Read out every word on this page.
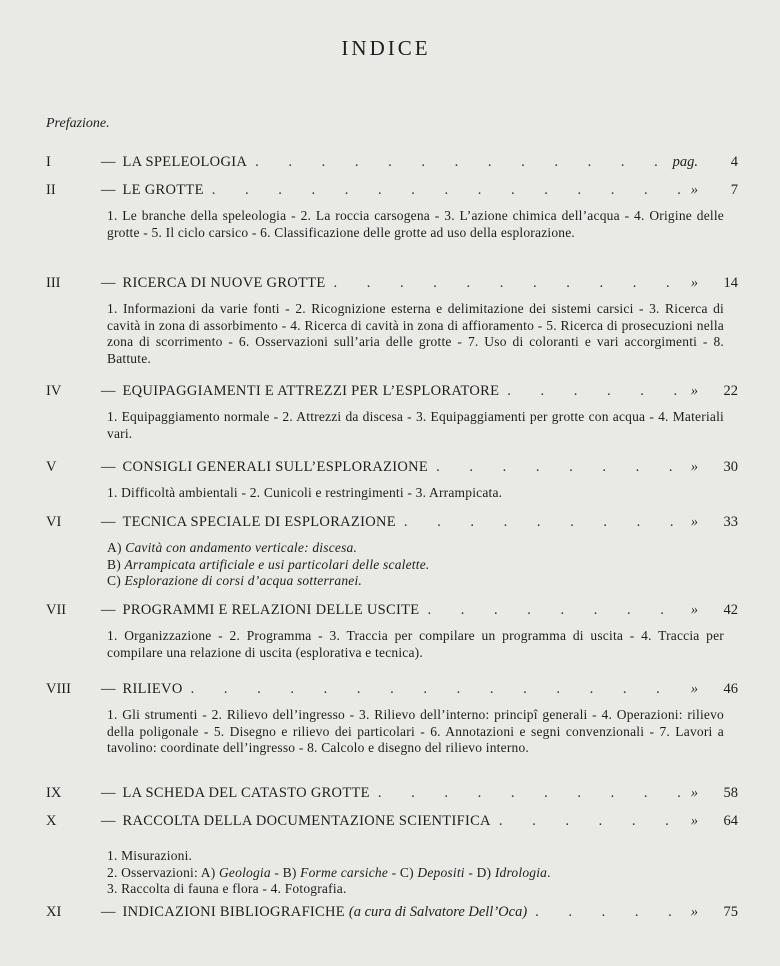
INDICE
Prefazione.
I	— LA SPELEOLOGIA . . .	pag.	4
II	— LE GROTTE . . .	»	7

1. Le branche della speleologia - 2. La roccia carsogena - 3. L’azione chimica dell’acqua - 4. Origine delle grotte - 5. Il ciclo carsico - 6. Classificazione delle grotte ad uso della esplorazione.

III	— RICERCA DI NUOVE GROTTE . . .	»	14

1. Informazioni da varie fonti - 2. Ricognizione esterna e delimitazione dei sistemi carsici - 3. Ricerca di cavità in zona di assorbimento - 4. Ricerca di cavità in zona di affioramento - 5. Ricerca di prosecuzioni nella zona di scorrimento - 6. Osservazioni sull’aria delle grotte - 7. Uso di coloranti e vari accorgimenti - 8. Battute.

IV	— EQUIPAGGIAMENTI E ATTREZZI PER L’ESPLORATORE . . .	»	22

1. Equipaggiamento normale - 2. Attrezzi da discesa - 3. Equipaggiamenti per grotte con acqua - 4. Materiali vari.

V	— CONSIGLI GENERALI SULL’ESPLORAZIONE . . .	»	30

1. Difficoltà ambientali - 2. Cunicoli e restringimenti - 3. Arrampicata.

VI	— TECNICA SPECIALE DI ESPLORAZIONE . . .	»	33

A) Cavità con andamento verticale: discesa.

B) Arrampicata artificiale e usi particolari delle scalette.

C) Esplorazione di corsi d’acqua sotterranei.

VII	— PROGRAMMI E RELAZIONI DELLE USCITE . . .	»	42

1. Organizzazione - 2. Programma - 3. Traccia per compilare un programma di uscita - 4. Traccia per compilare una relazione di uscita (esplorativa e tecnica).

VIII	— RILIEVO . . .	»	46

1. Gli strumenti - 2. Rilievo dell’ingresso - 3. Rilievo dell’interno: principî generali - 4. Operazioni: rilievo della poligonale - 5. Disegno e rilievo dei particolari - 6. Annotazioni e segni convenzionali - 7. Lavori a tavolino: coordinate dell’ingresso - 8. Calcolo e disegno del rilievo interno.

IX	— LA SCHEDA DEL CATASTO GROTTE . . .	»	58
X	— RACCOLTA DELLA DOCUMENTAZIONE SCIENTIFICA . . .	»	64

1. Misurazioni.

2. Osservazioni: A) Geologia - B) Forme carsiche - C) Depositi - D) Idrologia.

3. Raccolta di fauna e flora - 4. Fotografia.

XI	— INDICAZIONI BIBLIOGRAFICHE (a cura di Salvatore Dell’Oca) . . .	»	75
